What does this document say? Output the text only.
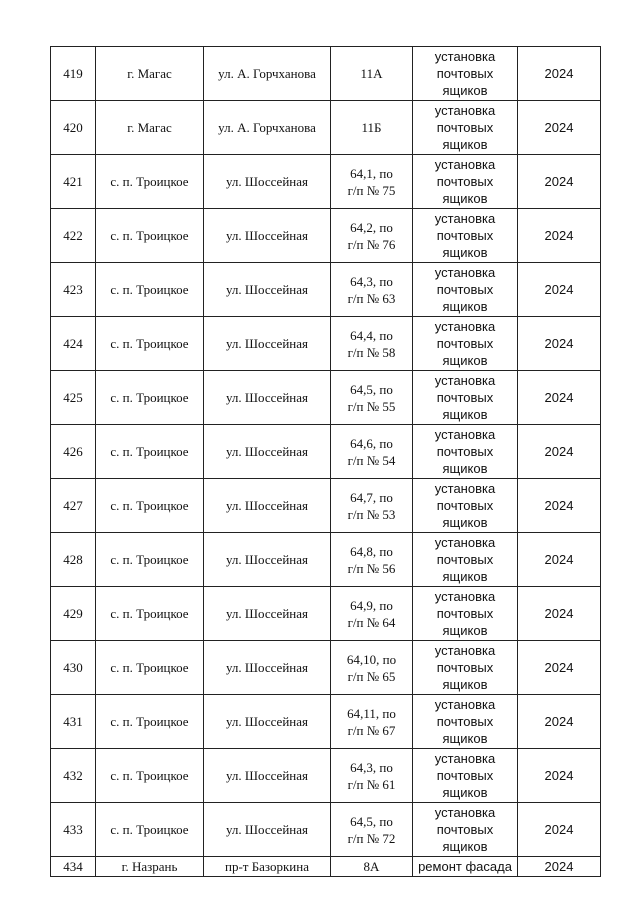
419	г. Магас	ул. А. Горчханова	11А	установка
почтовых
ящиков	2024
420	г. Магас	ул. А. Горчханова	11Б	установка
почтовых
ящиков	2024
421	с. п. Троицкое	ул. Шоссейная	64,1, по
г/п № 75	установка
почтовых
ящиков	2024
422	с. п. Троицкое	ул. Шоссейная	64,2, по
г/п № 76	установка
почтовых
ящиков	2024
423	с. п. Троицкое	ул. Шоссейная	64,3, по
г/п № 63	установка
почтовых
ящиков	2024
424	с. п. Троицкое	ул. Шоссейная	64,4, по
г/п № 58	установка
почтовых
ящиков	2024
425	с. п. Троицкое	ул. Шоссейная	64,5, по
г/п № 55	установка
почтовых
ящиков	2024
426	с. п. Троицкое	ул. Шоссейная	64,6, по
г/п № 54	установка
почтовых
ящиков	2024
427	с. п. Троицкое	ул. Шоссейная	64,7, по
г/п № 53	установка
почтовых
ящиков	2024
428	с. п. Троицкое	ул. Шоссейная	64,8, по
г/п № 56	установка
почтовых
ящиков	2024
429	с. п. Троицкое	ул. Шоссейная	64,9, по
г/п № 64	установка
почтовых
ящиков	2024
430	с. п. Троицкое	ул. Шоссейная	64,10, по
г/п № 65	установка
почтовых
ящиков	2024
431	с. п. Троицкое	ул. Шоссейная	64,11, по
г/п № 67	установка
почтовых
ящиков	2024
432	с. п. Троицкое	ул. Шоссейная	64,3, по
г/п № 61	установка
почтовых
ящиков	2024
433	с. п. Троицкое	ул. Шоссейная	64,5, по
г/п № 72	установка
почтовых
ящиков	2024
434	г. Назрань	пр-т Базоркина	8А	ремонт фасада	2024
